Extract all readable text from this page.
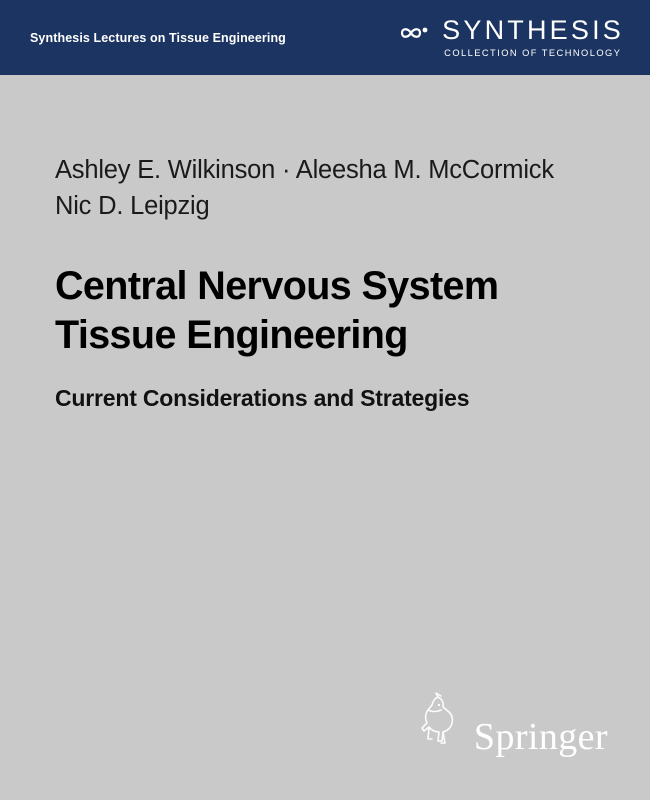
Synthesis Lectures on Tissue Engineering	SYNTHESIS
COLLECTION OF TECHNOLOGY
Ashley E. Wilkinson · Aleesha M. McCormick
Nic D. Leipzig
Central Nervous System
Tissue Engineering
Current Considerations and Strategies
Springer
